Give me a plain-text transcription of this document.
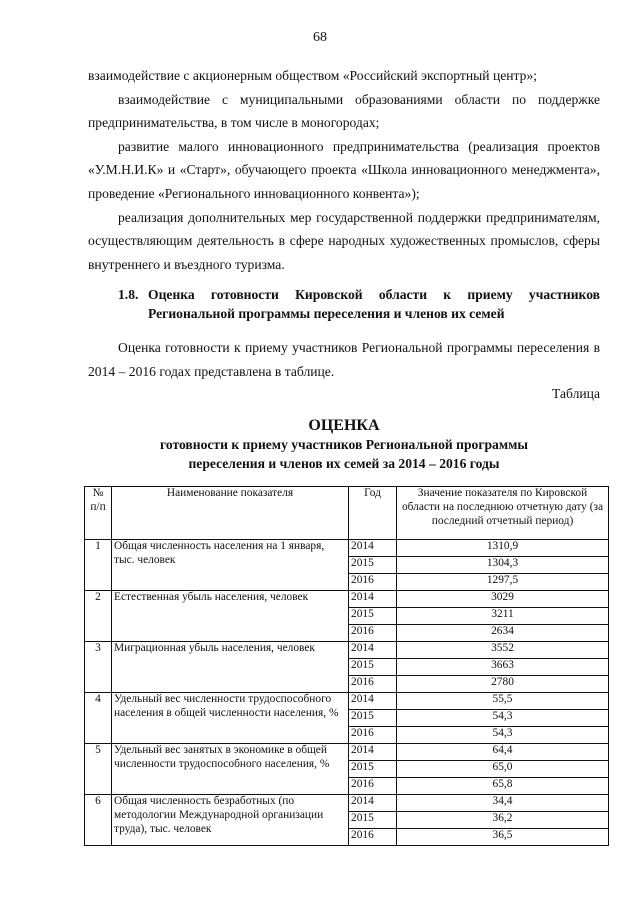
68

взаимодействие с акционерным обществом «Российский экспортный центр»;

взаимодействие с муниципальными образованиями области по поддержке предпринимательства, в том числе в моногородах;

развитие малого инновационного предпринимательства (реализация проектов «У.М.Н.И.К» и «Старт», обучающего проекта «Школа инновационного менеджмента», проведение «Регионального инновационного конвента»);

реализация дополнительных мер государственной поддержки предпринимателям, осуществляющим деятельность в сфере народных художественных промыслов, сферы внутреннего и въездного туризма.

1.8. Оценка готовности Кировской области к приему участников Региональной программы переселения и членов их семей

Оценка готовности к приему участников Региональной программы переселения в 2014 – 2016 годах представлена в таблице.

Таблица
ОЦЕНКА
готовности к приему участников Региональной программы
переселения и членов их семей за 2014 – 2016 годы
№ п/п	Наименование показателя	Год	Значение показателя по Кировской области на последнюю отчетную дату (за последний отчетный период)
1	Общая численность населения на 1 января, тыс. человек	2014	1310,9
		2015	1304,3
		2016	1297,5
2	Естественная убыль населения, человек	2014	3029
		2015	3211
		2016	2634
3	Миграционная убыль населения, человек	2014	3552
		2015	3663
		2016	2780
4	Удельный вес численности трудоспособного населения в общей численности населения, %	2014	55,5
		2015	54,3
		2016	54,3
5	Удельный вес занятых в экономике в общей численности трудоспособного населения, %	2014	64,4
		2015	65,0
		2016	65,8
6	Общая численность безработных (по методологии Международной организации труда), тыс. человек	2014	34,4
		2015	36,2
		2016	36,5
